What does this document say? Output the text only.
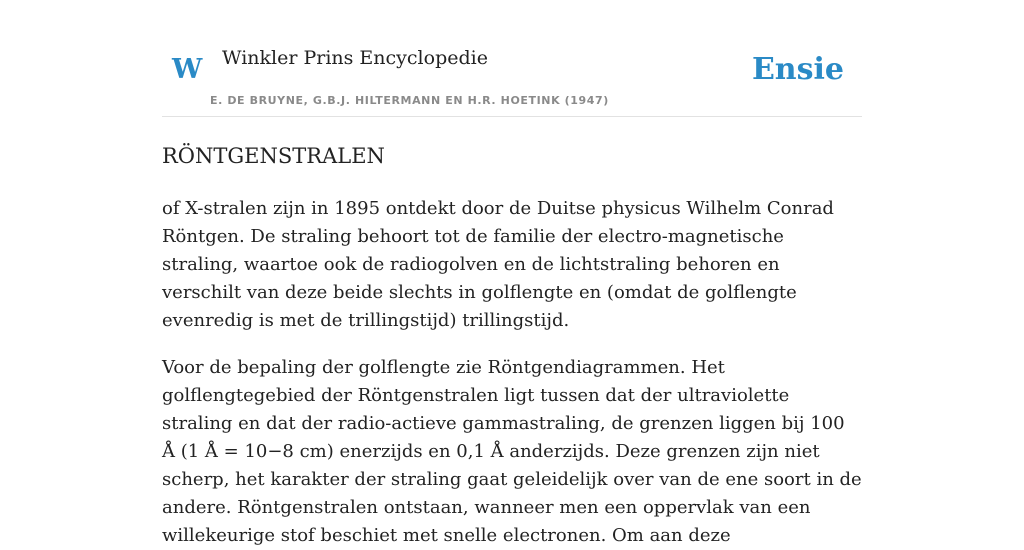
W Winkler Prins Encyclopedie
E. DE BRUYNE, G.B.J. HILTERMANN EN H.R. HOETINK (1947)
Ensie
RÖNTGENSTRALEN

of X-stralen zijn in 1895 ontdekt door de Duitse physicus Wilhelm Conrad Röntgen. De straling behoort tot de familie der electro-magnetische straling, waartoe ook de radiogolven en de lichtstraling behoren en verschilt van deze beide slechts in golflengte en (omdat de golflengte evenredig is met de trillingstijd) trillingstijd.

Voor de bepaling der golflengte zie Röntgendiagrammen. Het golflengtegebied der Röntgenstralen ligt tussen dat der ultraviolette straling en dat der radio-actieve gammastraling, de grenzen liggen bij 100 Å (1 Å = 10−8 cm) enerzijds en 0,1 Å anderzijds. Deze grenzen zijn niet scherp, het karakter der straling gaat geleidelijk over van de ene soort in de andere. Röntgenstralen ontstaan, wanneer men een oppervlak van een willekeurige stof beschiet met snelle electronen. Om aan deze
